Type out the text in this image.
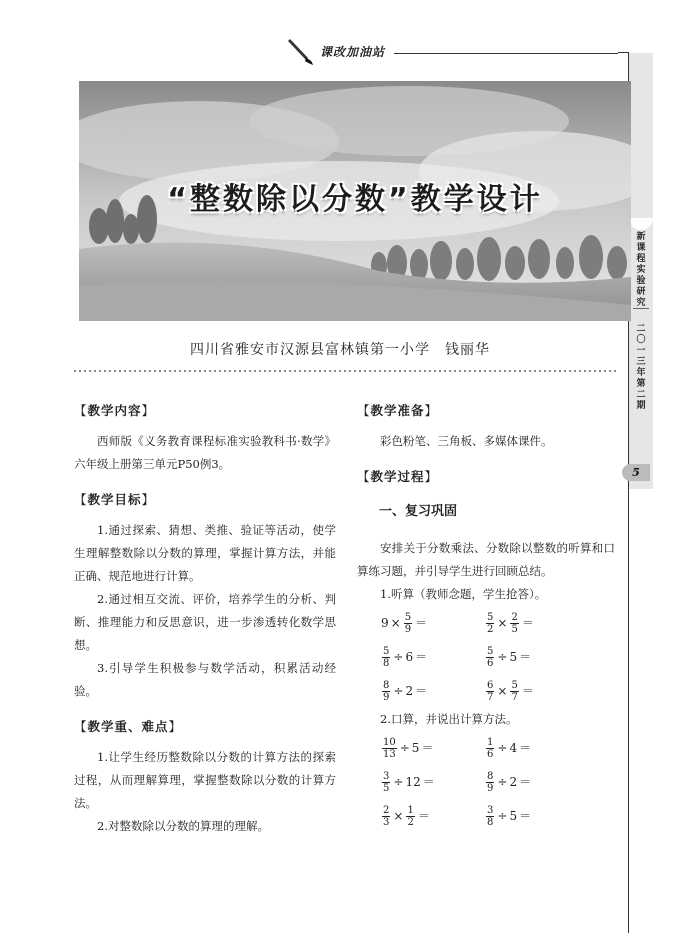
课改加油站
新课程实验研究
二〇一三年第二期
5
“整数除以分数”教学设计
四川省雅安市汉源县富林镇第一小学　钱丽华
【教学内容】

西师版《义务教育课程标准实验教科书·数学》六年级上册第三单元P50例3。

【教学目标】

1.通过探索、猜想、类推、验证等活动，使学生理解整数除以分数的算理，掌握计算方法，并能正确、规范地进行计算。

2.通过相互交流、评价，培养学生的分析、判断、推理能力和反思意识，进一步渗透转化数学思想。

3.引导学生积极参与数学活动，积累活动经验。

【教学重、难点】

1.让学生经历整数除以分数的计算方法的探索过程，从而理解算理，掌握整数除以分数的计算方法。

2.对整数除以分数的算理的理解。

【教学准备】

彩色粉笔、三角板、多媒体课件。

【教学过程】
一、复习巩固

安排关于分数乘法、分数除以整数的听算和口算练习题，并引导学生进行回顾总结。

1.听算（教师念题，学生抢答）。

$9 \times \frac{5}{9}$ ＝	$\frac{5}{2} \times \frac{2}{5}$ ＝
$\frac{5}{8} \div 6$ ＝	$\frac{5}{6} \div 5$ ＝
$\frac{8}{9} \div 2$ ＝	$\frac{6}{7} \times \frac{5}{7}$ ＝

2.口算，并说出计算方法。

$\frac{10}{13} \div 5$ ＝	$\frac{1}{6} \div 4$ ＝
$\frac{3}{5} \div 12$ ＝	$\frac{8}{9} \div 2$ ＝
$\frac{2}{3} \times \frac{1}{2}$ ＝	$\frac{3}{8} \div 5$ ＝
